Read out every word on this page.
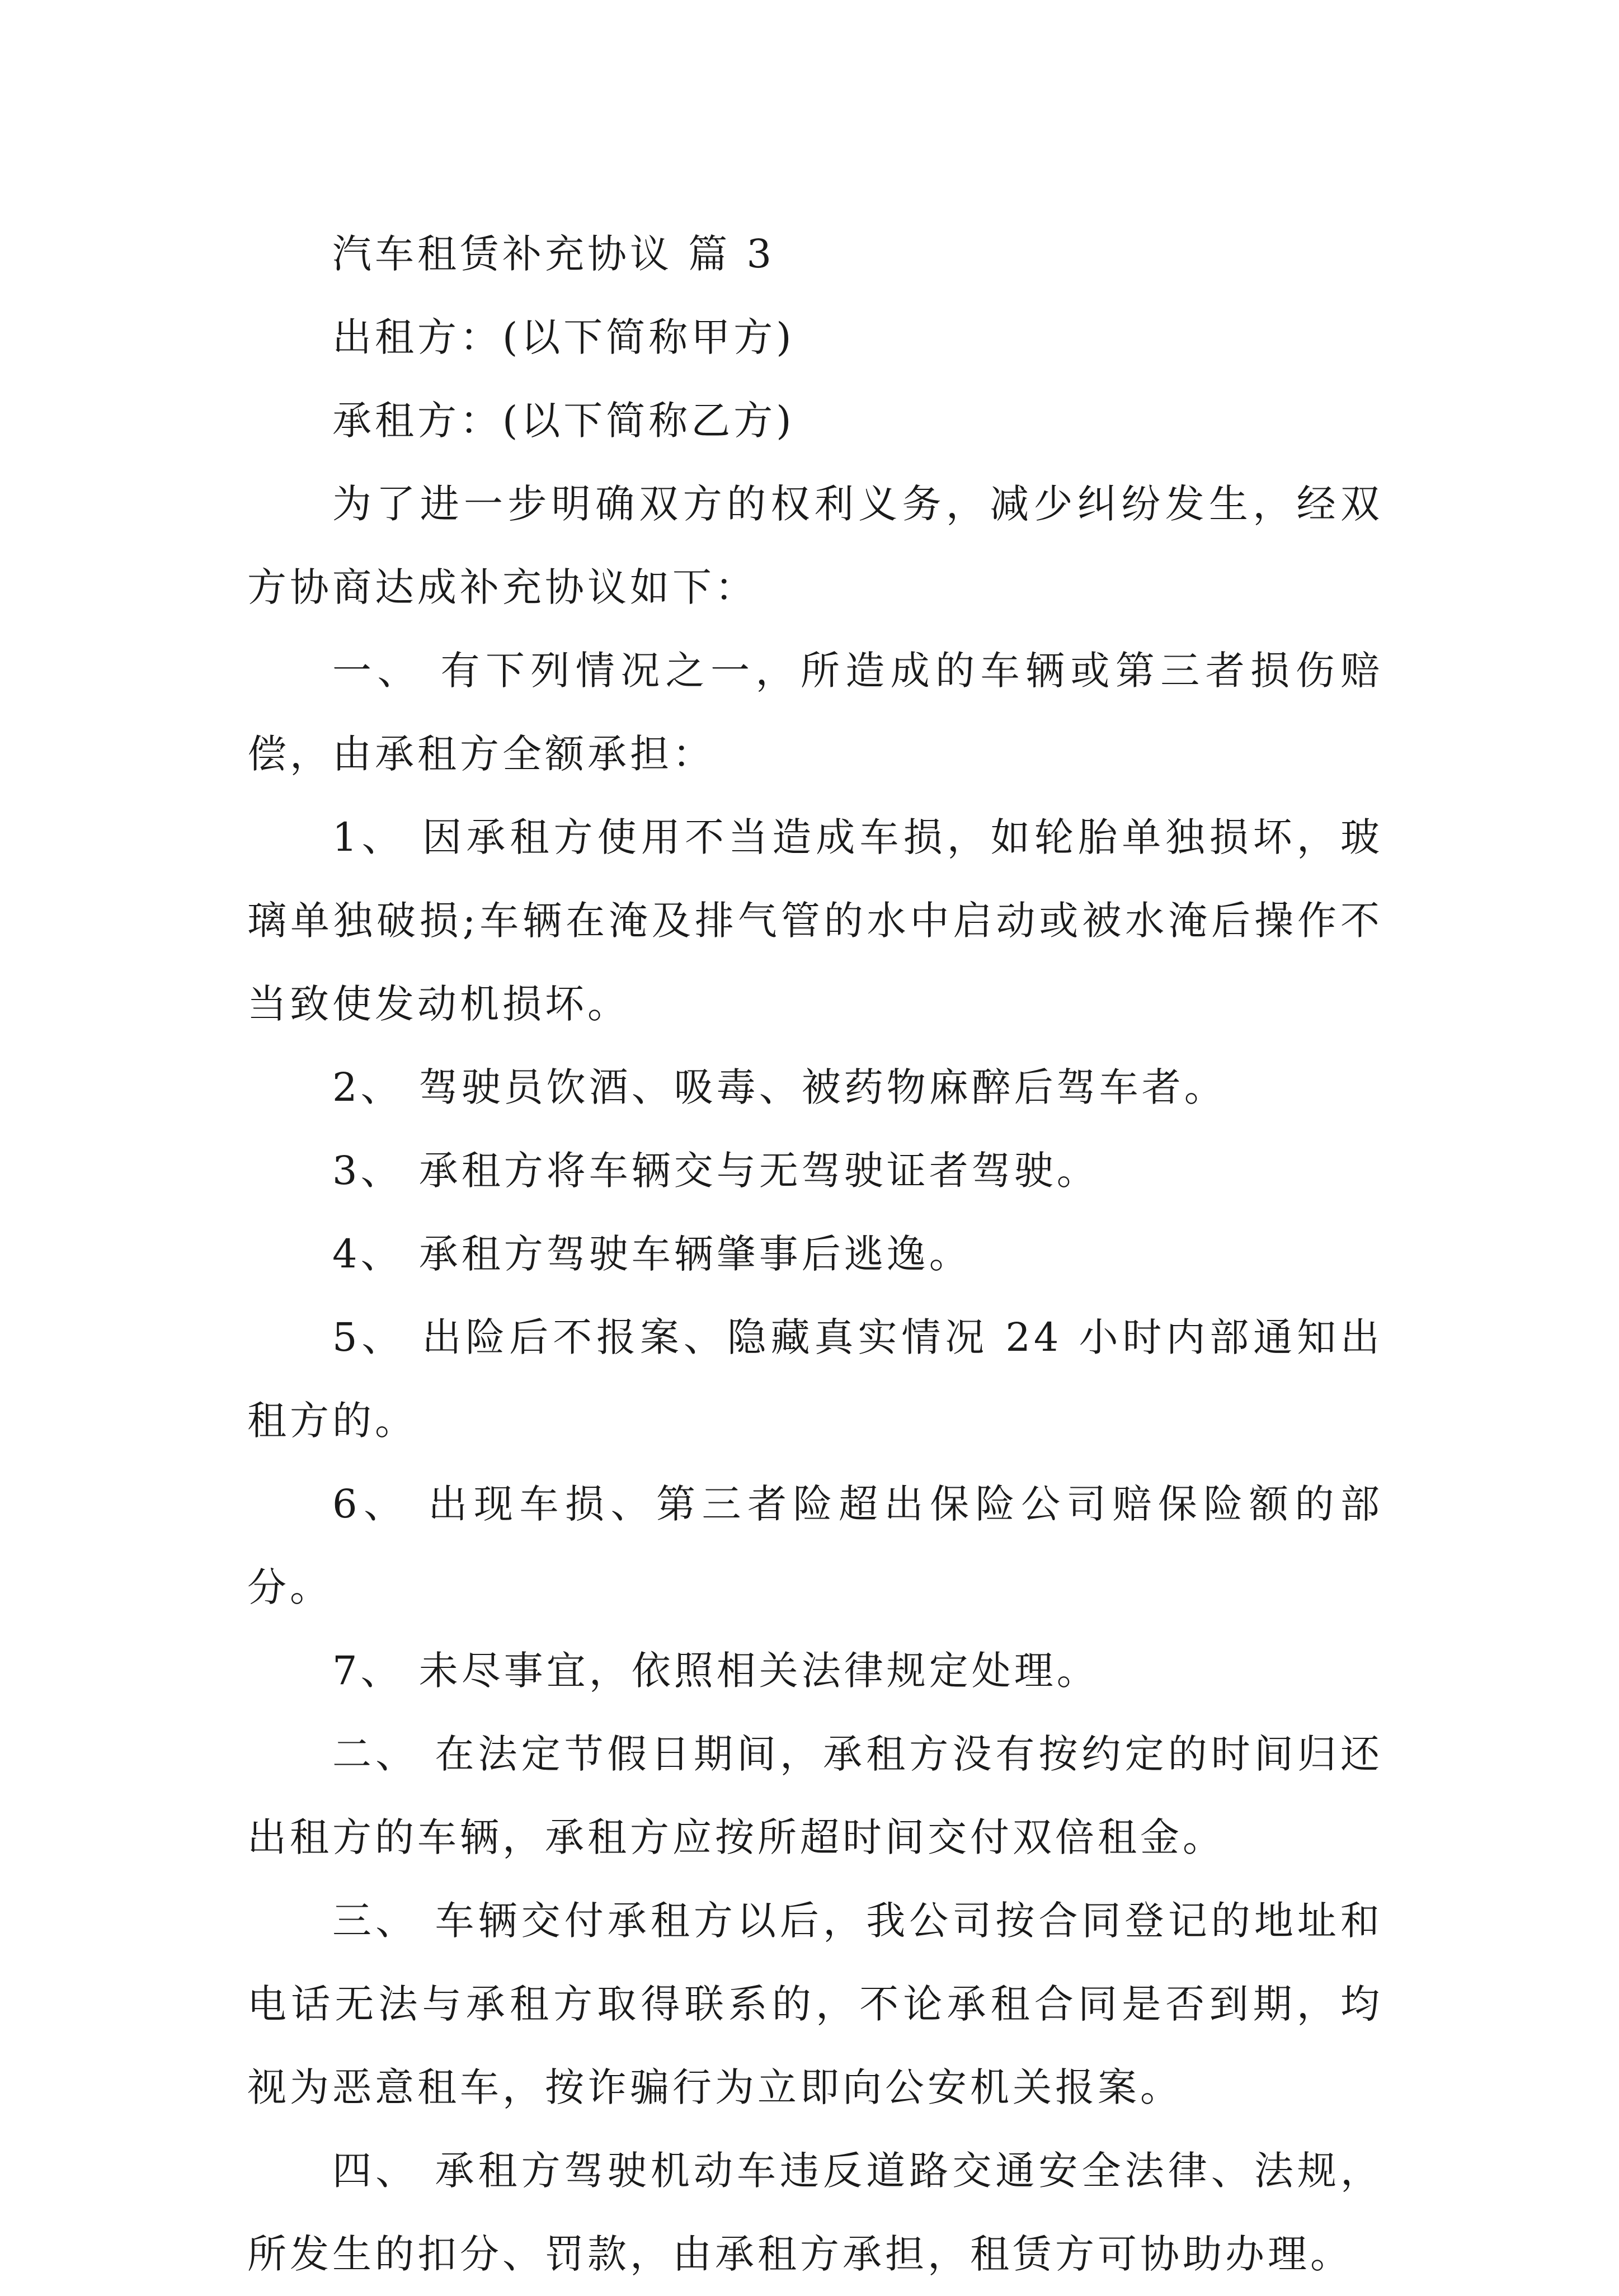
汽车租赁补充协议 篇 3

出租方：(以下简称甲方)

承租方：(以下简称乙方)

为了进一步明确双方的权利义务，减少纠纷发生，经双方协商达成补充协议如下：

一、 有下列情况之一，所造成的车辆或第三者损伤赔偿，由承租方全额承担：

1、 因承租方使用不当造成车损，如轮胎单独损坏，玻璃单独破损;车辆在淹及排气管的水中启动或被水淹后操作不当致使发动机损坏。

2、 驾驶员饮酒、吸毒、被药物麻醉后驾车者。

3、 承租方将车辆交与无驾驶证者驾驶。

4、 承租方驾驶车辆肇事后逃逸。

5、 出险后不报案、隐藏真实情况 24 小时内部通知出租方的。

6、 出现车损、第三者险超出保险公司赔保险额的部分。

7、 未尽事宜，依照相关法律规定处理。

二、 在法定节假日期间，承租方没有按约定的时间归还出租方的车辆，承租方应按所超时间交付双倍租金。

三、 车辆交付承租方以后，我公司按合同登记的地址和电话无法与承租方取得联系的，不论承租合同是否到期，均视为恶意租车，按诈骗行为立即向公安机关报案。

四、 承租方驾驶机动车违反道路交通安全法律、法规，所发生的扣分、罚款，由承租方承担，租赁方可协助办理。
